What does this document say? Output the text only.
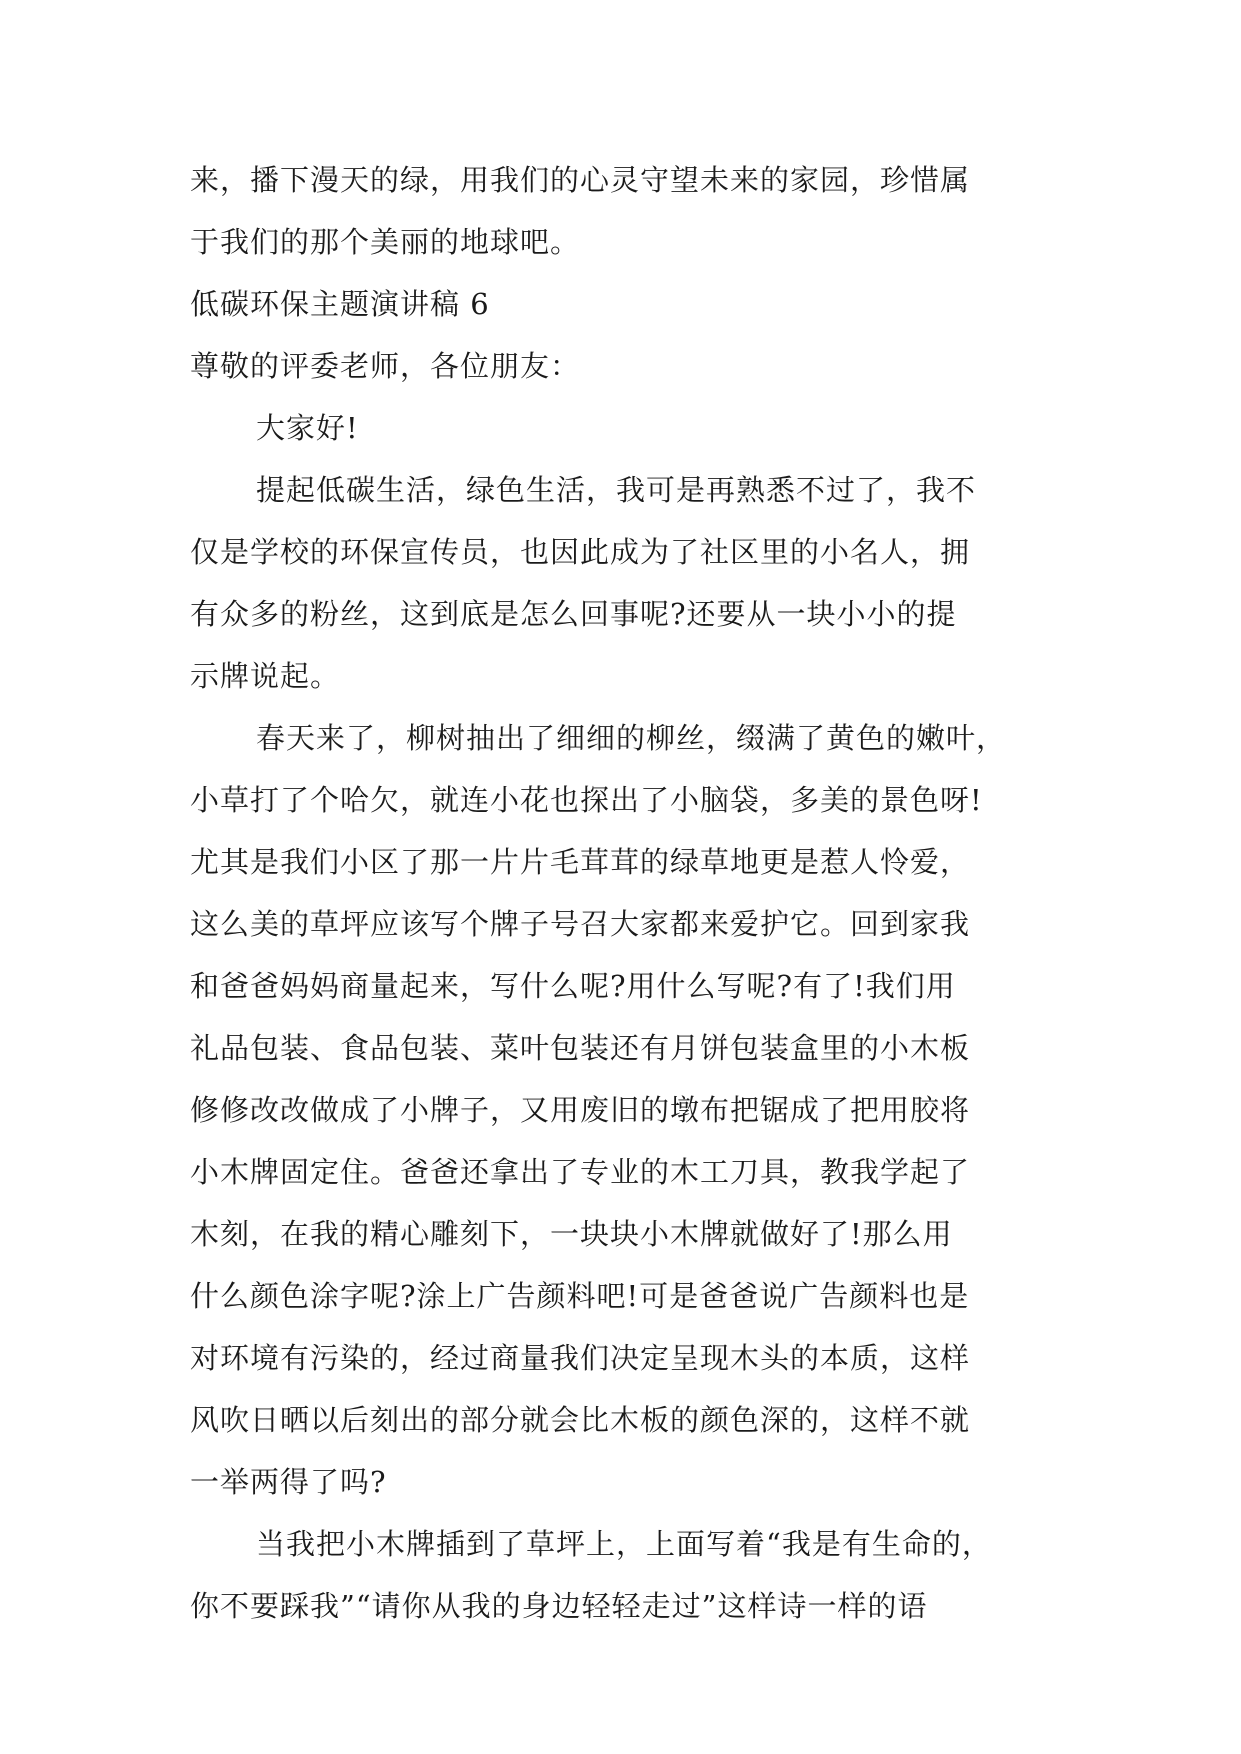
来，播下漫天的绿，用我们的心灵守望未来的家园，珍惜属
于我们的那个美丽的地球吧。
低碳环保主题演讲稿 6
尊敬的评委老师，各位朋友：
大家好!
提起低碳生活，绿色生活，我可是再熟悉不过了，我不
仅是学校的环保宣传员，也因此成为了社区里的小名人，拥
有众多的粉丝，这到底是怎么回事呢?还要从一块小小的提
示牌说起。
春天来了，柳树抽出了细细的柳丝，缀满了黄色的嫩叶，
小草打了个哈欠，就连小花也探出了小脑袋，多美的景色呀!
尤其是我们小区了那一片片毛茸茸的绿草地更是惹人怜爱，
这么美的草坪应该写个牌子号召大家都来爱护它。回到家我
和爸爸妈妈商量起来，写什么呢?用什么写呢?有了!我们用
礼品包装、食品包装、菜叶包装还有月饼包装盒里的小木板
修修改改做成了小牌子，又用废旧的墩布把锯成了把用胶将
小木牌固定住。爸爸还拿出了专业的木工刀具，教我学起了
木刻，在我的精心雕刻下，一块块小木牌就做好了!那么用
什么颜色涂字呢?涂上广告颜料吧!可是爸爸说广告颜料也是
对环境有污染的，经过商量我们决定呈现木头的本质，这样
风吹日晒以后刻出的部分就会比木板的颜色深的，这样不就
一举两得了吗?
当我把小木牌插到了草坪上，上面写着“我是有生命的，
你不要踩我”“请你从我的身边轻轻走过”这样诗一样的语
